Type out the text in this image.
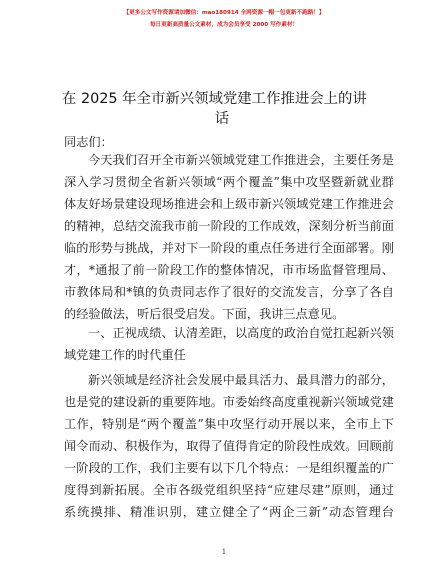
【更多公文写作资源请加微信：mao180914 全网资源一帽一包更新不跑路！】
每日更新高质量公文素材，成为会员享受 2000 写作素材！
在 2025 年全市新兴领域党建工作推进会上的讲

话
同志们：
今天我们召开全市新兴领域党建工作推进会，主要任务是
深入学习贯彻全省新兴领域“两个覆盖”集中攻坚暨新就业群
体友好场景建设现场推进会和上级市新兴领域党建工作推进会
的精神，总结交流我市前一阶段的工作成效，深刻分析当前面
临的形势与挑战，并对下一阶段的重点任务进行全面部署。刚
才，*通报了前一阶段工作的整体情况，市市场监督管理局、
市教体局和*镇的负责同志作了很好的交流发言，分享了各自
的经验做法，听后很受启发。下面，我讲三点意见。
一、正视成绩、认清差距，以高度的政治自觉扛起新兴领
域党建工作的时代重任
新兴领域是经济社会发展中最具活力、最具潜力的部分，
也是党的建设新的重要阵地。市委始终高度重视新兴领域党建
工作，特别是“两个覆盖”集中攻坚行动开展以来，全市上下
闻令而动、积极作为，取得了值得肯定的阶段性成效。回顾前
一阶段的工作，我们主要有以下几个特点：一是组织覆盖的广
度得到新拓展。全市各级党组织坚持“应建尽建”原则，通过
系统摸排、精准识别，建立健全了“两企三新”动态管理台
1
